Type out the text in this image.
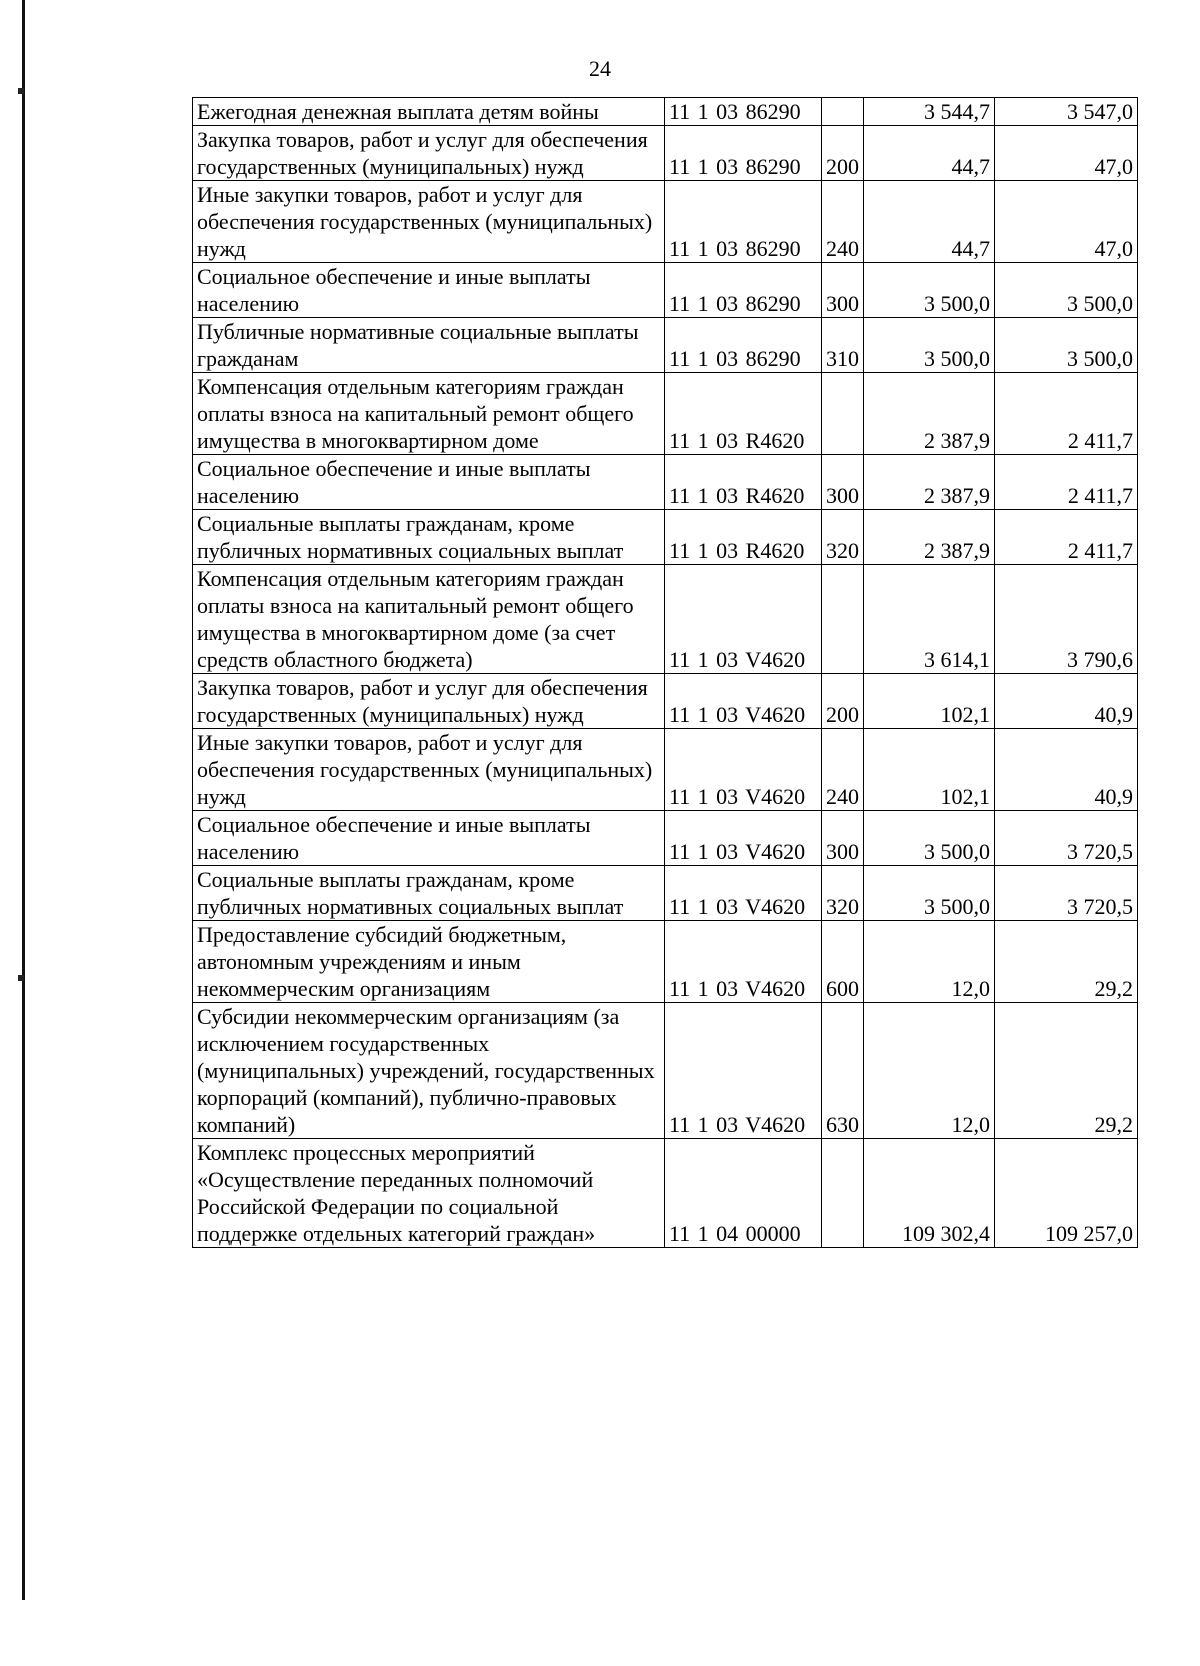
24
Ежегодная денежная выплата детям войны	11 1 03 86290		3 544,7	3 547,0
Закупка товаров, работ и услуг для обеспечения государственных (муниципальных) нужд	11 1 03 86290	200	44,7	47,0
Иные закупки товаров, работ и услуг для обеспечения государственных (муниципальных) нужд	11 1 03 86290	240	44,7	47,0
Социальное обеспечение и иные выплаты населению	11 1 03 86290	300	3 500,0	3 500,0
Публичные нормативные социальные выплаты гражданам	11 1 03 86290	310	3 500,0	3 500,0
Компенсация отдельным категориям граждан оплаты взноса на капитальный ремонт общего имущества в многоквартирном доме	11 1 03 R4620		2 387,9	2 411,7
Социальное обеспечение и иные выплаты населению	11 1 03 R4620	300	2 387,9	2 411,7
Социальные выплаты гражданам, кроме публичных нормативных социальных выплат	11 1 03 R4620	320	2 387,9	2 411,7
Компенсация отдельным категориям граждан оплаты взноса на капитальный ремонт общего имущества в многоквартирном доме (за счет средств областного бюджета)	11 1 03 V4620		3 614,1	3 790,6
Закупка товаров, работ и услуг для обеспечения государственных (муниципальных) нужд	11 1 03 V4620	200	102,1	40,9
Иные закупки товаров, работ и услуг для обеспечения государственных (муниципальных) нужд	11 1 03 V4620	240	102,1	40,9
Социальное обеспечение и иные выплаты населению	11 1 03 V4620	300	3 500,0	3 720,5
Социальные выплаты гражданам, кроме публичных нормативных социальных выплат	11 1 03 V4620	320	3 500,0	3 720,5
Предоставление субсидий бюджетным, автономным учреждениям и иным некоммерческим организациям	11 1 03 V4620	600	12,0	29,2
Субсидии некоммерческим организациям (за исключением государственных (муниципальных) учреждений, государственных корпораций (компаний), публично-правовых компаний)	11 1 03 V4620	630	12,0	29,2
Комплекс процессных мероприятий «Осуществление переданных полномочий Российской Федерации по социальной поддержке отдельных категорий граждан»	11 1 04 00000		109 302,4	109 257,0
